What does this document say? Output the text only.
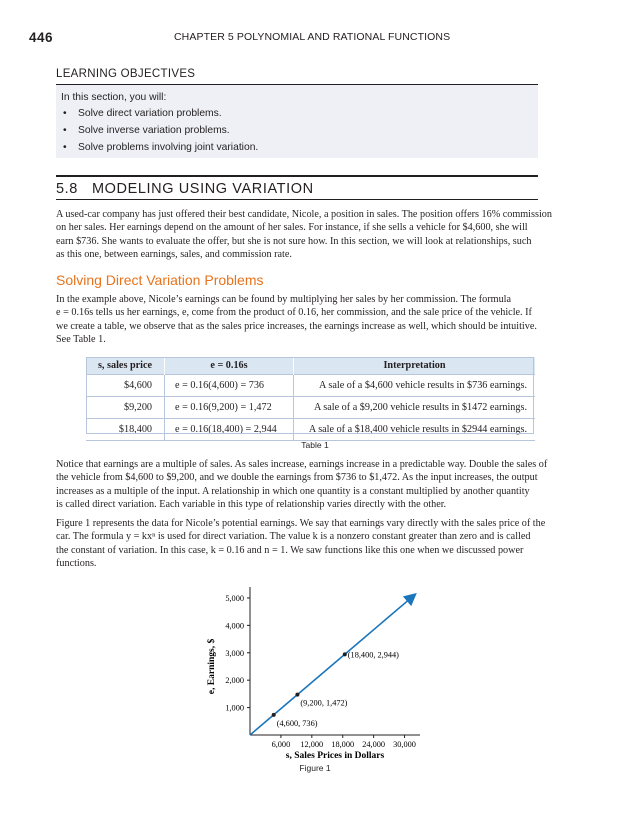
446	CHAPTER 5 POLYNOMIAL AND RATIONAL FUNCTIONS
LEARNING OBJECTIVES
In this section, you will:
• Solve direct variation problems.
• Solve inverse variation problems.
• Solve problems involving joint variation.
5.8 MODELING USING VARIATION
A used-car company has just offered their best candidate, Nicole, a position in sales. The position offers 16% commission
on her sales. Her earnings depend on the amount of her sales. For instance, if she sells a vehicle for $4,600, she will
earn $736. She wants to evaluate the offer, but she is not sure how. In this section, we will look at relationships, such
as this one, between earnings, sales, and commission rate.
Solving Direct Variation Problems
In the example above, Nicole’s earnings can be found by multiplying her sales by her commission. The formula
e = 0.16s tells us her earnings, e, come from the product of 0.16, her commission, and the sale price of the vehicle. If
we create a table, we observe that as the sales price increases, the earnings increase as well, which should be intuitive.
See Table 1.
s, sales price	e = 0.16s	Interpretation
$4,600	e = 0.16(4,600) = 736	A sale of a $4,600 vehicle results in $736 earnings.
$9,200	e = 0.16(9,200) = 1,472	A sale of a $9,200 vehicle results in $1472 earnings.
$18,400	e = 0.16(18,400) = 2,944	A sale of a $18,400 vehicle results in $2944 earnings.
Table 1
Notice that earnings are a multiple of sales. As sales increase, earnings increase in a predictable way. Double the sales of
the vehicle from $4,600 to $9,200, and we double the earnings from $736 to $1,472. As the input increases, the output
increases as a multiple of the input. A relationship in which one quantity is a constant multiplied by another quantity
is called direct variation. Each variable in this type of relationship varies directly with the other.
Figure 1 represents the data for Nicole’s potential earnings. We say that earnings vary directly with the sales price of the
car. The formula y = kxⁿ is used for direct variation. The value k is a nonzero constant greater than zero and is called
the constant of variation. In this case, k = 0.16 and n = 1. We saw functions like this one when we discussed power
functions.
6,000 12,000 18,000 24,000 30,000
1,000
2,000
3,000
4,000
5,000
(4,600, 736)
(9,200, 1,472)
(18,400, 2,944)
s, Sales Prices in Dollars
e, Earnings, $
Figure 1
